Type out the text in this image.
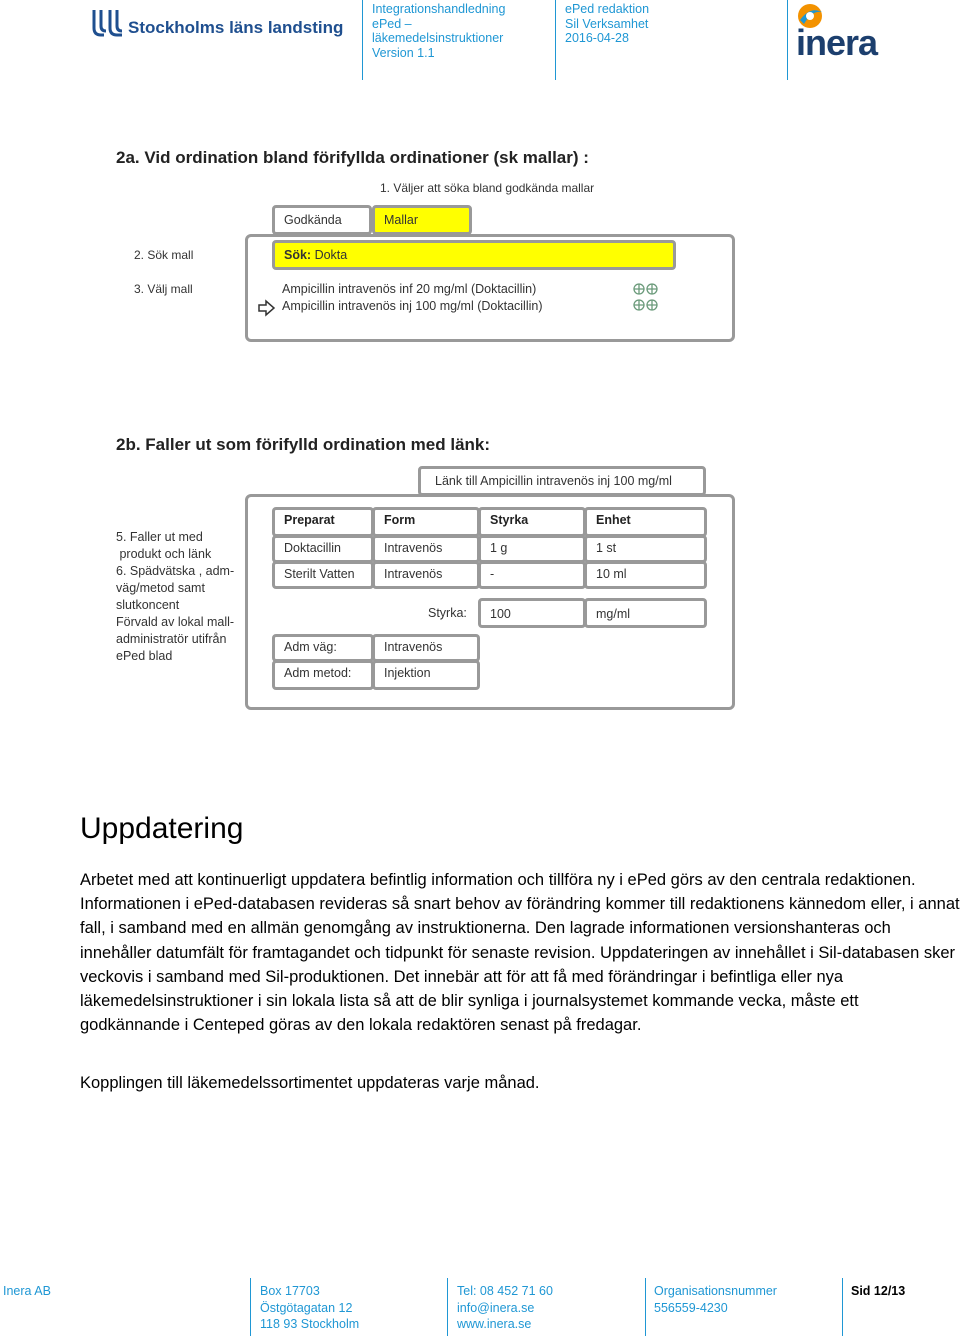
Stockholms läns landsting
Integrationshandledning
ePed –
läkemedelsinstruktioner
Version 1.1
ePed redaktion
Sil Verksamhet
2016-04-28	inera
2a. Vid ordination bland förifyllda ordinationer (sk mallar) :
1. Väljer att söka bland godkända mallar
2. Sök mall
3. Välj mall
Godkända	Mallar
Sök: Dokta
Ampicillin intravenös inf 20 mg/ml (Doktacillin)
Ampicillin intravenös inj 100 mg/ml (Doktacillin)
2b. Faller ut som förifylld ordination med länk:
Länk till Ampicillin intravenös inj 100 mg/ml
5. Faller ut med
produkt och länk
6. Spädvätska , adm-
väg/metod samt
slutkoncent
Förvald av lokal mall-
administratör utifrån
ePed blad
Preparat	Form	Styrka	Enhet
Doktacillin	Intravenös	1 g	1 st
Sterilt Vatten	Intravenös	-	10 ml
Styrka:	100	mg/ml
Adm väg:	Intravenös
Adm metod:	Injektion
Uppdatering

Arbetet med att kontinuerligt uppdatera befintlig information och tillföra ny i ePed görs av den centrala redaktionen. Informationen i ePed-databasen revideras så snart behov av förändring kommer till redaktionens kännedom eller, i annat fall, i samband med en allmän genomgång av instruktionerna. Den lagrade informationen versionshanteras och innehåller datumfält för framtagandet och tidpunkt för senaste revision. Uppdateringen av innehållet i Sil-databasen sker veckovis i samband med Sil-produktionen. Det innebär att för att få med förändringar i befintliga eller nya läkemedelsinstruktioner i sin lokala lista så att de blir synliga i journalsystemet kommande vecka, måste ett godkännande i Centeped göras av den lokala redaktören senast på fredagar.

Kopplingen till läkemedelssortimentet uppdateras varje månad.

Inera AB	Box 17703
Östgötagatan 12
118 93 Stockholm
Tel: 08 452 71 60
info@inera.se
www.inera.se
Organisationsnummer
556559-4230
Sid 12/13
